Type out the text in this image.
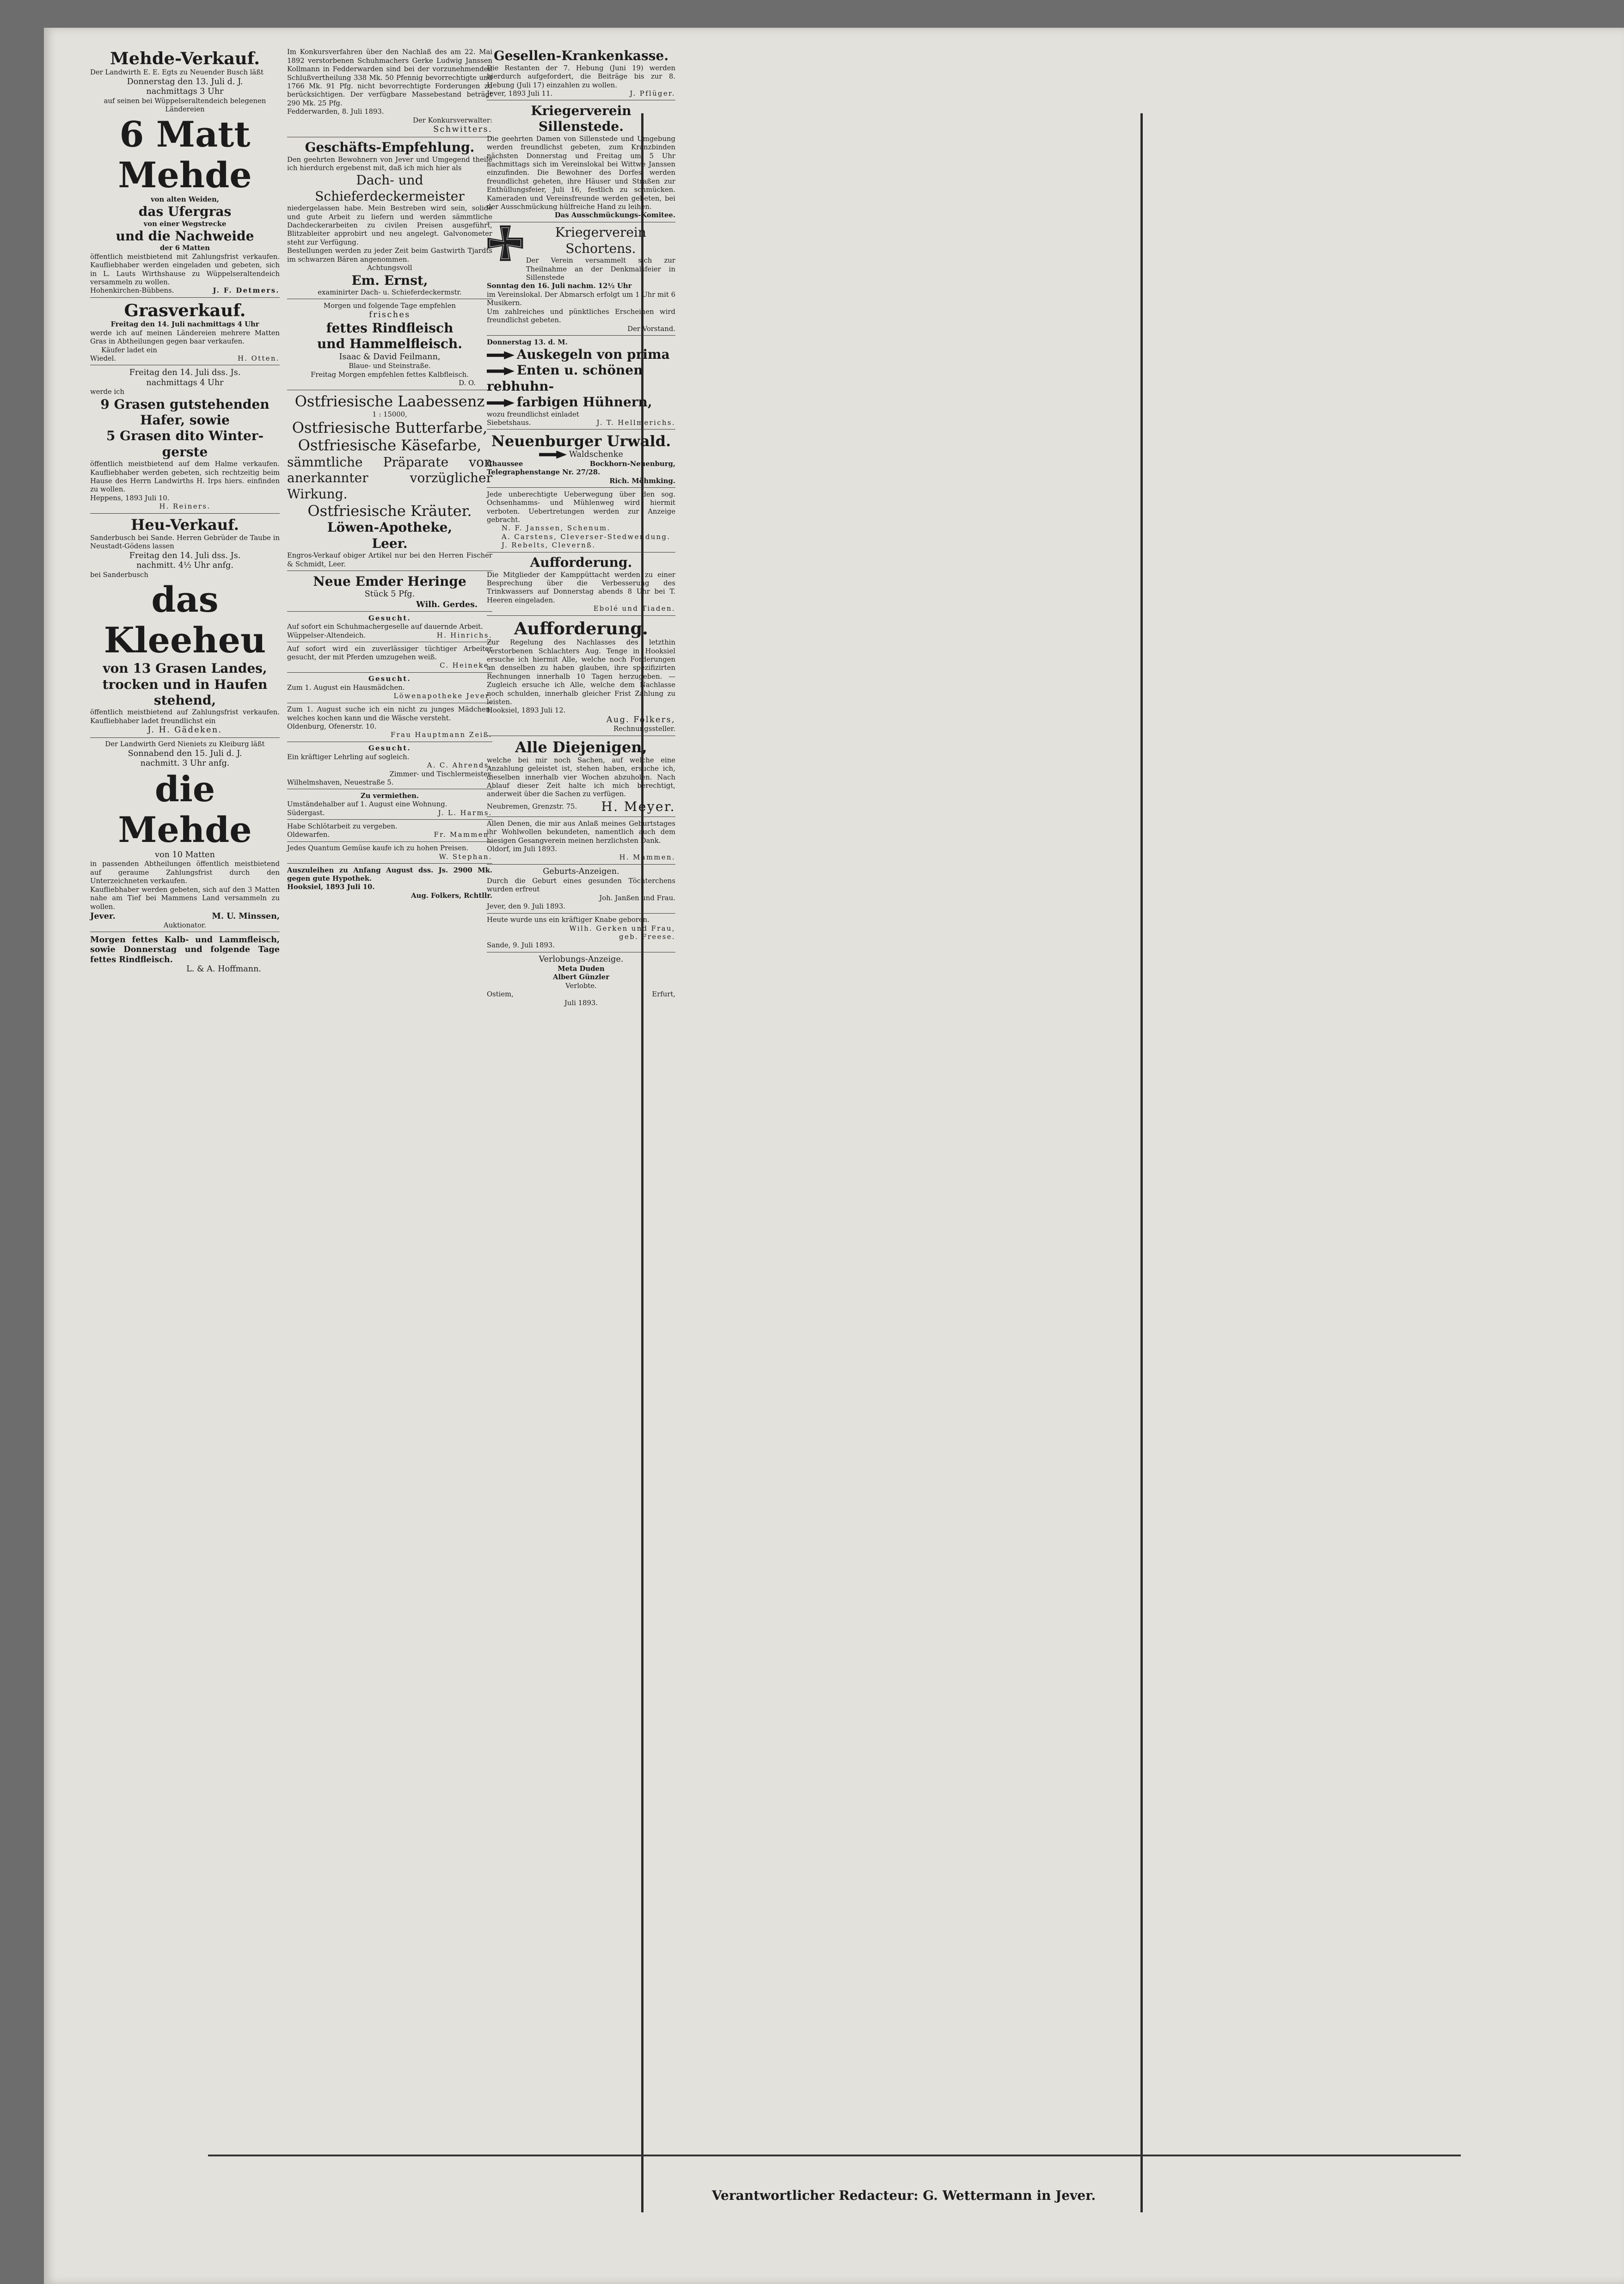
Mehde-Verkauf.

Der Landwirth E. E. Egts zu Neuender Busch läßt

Donnerstag den 13. Juli d. J.

nachmittags 3 Uhr

auf seinen bei Wüppelseraltendeich belegenen Ländereien

6 Matt Mehde

von alten Weiden,

das Ufergras

von einer Wegstrecke

und die Nachweide

der 6 Matten

öffentlich meistbietend mit Zahlungsfrist verkaufen. Kaufliebhaber werden eingeladen und gebeten, sich in L. Lauts Wirthshause zu Wüppelseraltendeich versammeln zu wollen.

Hohenkirchen-Bübbens. J. F. Detmers.

Grasverkauf.

Freitag den 14. Juli nachmittags 4 Uhr

werde ich auf meinen Ländereien mehrere Matten Gras in Abtheilungen gegen baar verkaufen.

Käufer ladet ein

Wiedel.	H. Otten.

Freitag den 14. Juli dss. Js.

nachmittags 4 Uhr

werde ich

9 Grasen gutstehenden

Hafer, sowie

5 Grasen dito Winter-

gerste

öffentlich meistbietend auf dem Halme verkaufen. Kaufliebhaber werden gebeten, sich rechtzeitig beim Hause des Herrn Landwirths H. Irps hiers. einfinden zu wollen.

Heppens, 1893 Juli 10.

H. Reiners.

Heu-Verkauf.

Sanderbusch bei Sande. Herren Gebrüder de Taube in Neustadt-Gödens lassen

Freitag den 14. Juli dss. Js.

nachmitt. 4½ Uhr anfg.

bei Sanderbusch

das Kleeheu

von 13 Grasen Landes,

trocken und in Haufen stehend,

öffentlich meistbietend auf Zahlungsfrist verkaufen. Kaufliebhaber ladet freundlichst ein

J. H. Gädeken.

Der Landwirth Gerd Nieniets zu Kleiburg läßt

Sonnabend den 15. Juli d. J.

nachmitt. 3 Uhr anfg.

die Mehde

von 10 Matten

in passenden Abtheilungen öffentlich meistbietend auf geraume Zahlungsfrist durch den Unterzeichneten verkaufen.

Kaufliebhaber werden gebeten, sich auf den 3 Matten nahe am Tief bei Mammens Land versammeln zu wollen.

Jever.	M. U. Minssen,

Auktionator.

Morgen fettes Kalb- und Lammfleisch, sowie Donnerstag und folgende Tage fettes Rindfleisch.

L. & A. Hoffmann.

Im Konkursverfahren über den Nachlaß des am 22. Mai 1892 verstorbenen Schuhmachers Gerke Ludwig Janssen Kollmann in Fedderwarden sind bei der vorzunehmenden Schlußvertheilung 338 Mk. 50 Pfennig bevorrechtigte und 1766 Mk. 91 Pfg. nicht bevorrechtigte Forderungen zu berücksichtigen. Der verfügbare Massebestand beträgt 290 Mk. 25 Pfg.

Fedderwarden, 8. Juli 1893.

Der Konkursverwalter:

Schwitters.

Geschäfts-Empfehlung.

Den geehrten Bewohnern von Jever und Umgegend theile ich hierdurch ergebenst mit, daß ich mich hier als

Dach- und Schieferdeckermeister

niedergelassen habe. Mein Bestreben wird sein, solide und gute Arbeit zu liefern und werden sämmtliche Dachdeckerarbeiten zu civilen Preisen ausgeführt, Blitzableiter approbirt und neu angelegt. Galvonometer steht zur Verfügung.

Bestellungen werden zu jeder Zeit beim Gastwirth Tjardts im schwarzen Bären angenommen.

Achtungsvoll

Em. Ernst,

examinirter Dach- u. Schieferdeckermstr.

Morgen und folgende Tage empfehlen

frisches

fettes Rindfleisch

und Hammelfleisch.

Isaac & David Feilmann,

Blaue- und Steinstraße.

Freitag Morgen empfehlen fettes Kalbfleisch.

D. O.

Ostfriesische Laabessenz

1 : 15000,

Ostfriesische Butterfarbe,

Ostfriesische Käsefarbe,

sämmtliche Präparate von anerkannter vorzüglicher Wirkung.

Ostfriesische Kräuter.

Löwen-Apotheke,

Leer.

Engros-Verkauf obiger Artikel nur bei den Herren Fischer & Schmidt, Leer.

Neue Emder Heringe

Stück 5 Pfg.

Wilh. Gerdes.

Gesucht.

Auf sofort ein Schuhmachergeselle auf dauernde Arbeit.

Wüppelser-Altendeich.	H. Hinrichs.

Auf sofort wird ein zuverlässiger tüchtiger Arbeiter gesucht, der mit Pferden umzugehen weiß.

C. Heineke.

Gesucht.

Zum 1. August ein Hausmädchen.

Löwenapotheke Jever.

Zum 1. August suche ich ein nicht zu junges Mädchen, welches kochen kann und die Wäsche versteht.

Oldenburg, Ofenerstr. 10.

Frau Hauptmann Zeiß.

Gesucht.

Ein kräftiger Lehrling auf sogleich.

A. C. Ahrends,

Zimmer- und Tischlermeister.

Wilhelmshaven, Neuestraße 5.

Zu vermiethen.

Umständehalber auf 1. August eine Wohnung.

Südergast.	J. L. Harms.

Habe Schlötarbeit zu vergeben.

Oldewarfen.	Fr. Mammen.

Jedes Quantum Gemüse kaufe ich zu hohen Preisen.

W. Stephan.

Auszuleihen zu Anfang August dss. Js. 2900 Mk. gegen gute Hypothek.

Hooksiel, 1893 Juli 10.

Aug. Folkers, Rchtllr.

Gesellen-Krankenkasse.

Die Restanten der 7. Hebung (Juni 19) werden hierdurch aufgefordert, die Beiträge bis zur 8. Hebung (Juli 17) einzahlen zu wollen.

Jever, 1893 Juli 11.	J. Pflüger.

Kriegerverein Sillenstede.

Die geehrten Damen von Sillenstede und Umgebung werden freundlichst gebeten, zum Kranzbinden nächsten Donnerstag und Freitag um 5 Uhr nachmittags sich im Vereinslokal bei Wittwe Janssen einzufinden. Die Bewohner des Dorfes werden freundlichst geheten, ihre Häuser und Straßen zur Enthüllungsfeier, Juli 16, festlich zu schmücken. Kameraden und Vereinsfreunde werden gebeten, bei der Ausschmückung hülfreiche Hand zu leihen.

Das Ausschmückungs-Komitee.

Kriegerverein Schortens.

Der Verein versammelt sich zur Theilnahme an der Denkmalsfeier in Sillenstede

Sonntag den 16. Juli nachm. 12½ Uhr

im Vereinslokal. Der Abmarsch erfolgt um 1 Uhr mit 6 Musikern.

Um zahlreiches und pünktliches Erscheinen wird freundlichst gebeten.

Der Vorstand.

Donnerstag 13. d. M.

Auskegeln von prima

Enten u. schönen rebhuhn-

farbigen Hühnern,

wozu freundlichst einladet

Siebetshaus.	J. T. Hellmerichs.

Neuenburger Urwald.

Waldschenke

Chaussee Bockhorn-Neuenburg, Telegraphenstange Nr. 27/28.

Rich. Möhmking.

Jede unberechtigte Ueberwegung über den sog. Ochsenhamms- und Mühlenweg wird hiermit verboten. Uebertretungen werden zur Anzeige gebracht.

N. F. Janssen, Schenum.

A. Carstens, Cleverser-Stedwendung.

J. Rebelts, Clevernß.

Aufforderung.

Die Mitglieder der Kamppüttacht werden zu einer Besprechung über die Verbesserung des Trinkwassers auf Donnerstag abends 8 Uhr bei T. Heeren eingeladen.

Ebolé und Tiaden.

Aufforderung.

Zur Regelung des Nachlasses des letzthin verstorbenen Schlachters Aug. Tenge in Hooksiel ersuche ich hiermit Alle, welche noch Forderungen an denselben zu haben glauben, ihre spezifizirten Rechnungen innerhalb 10 Tagen herzugeben. — Zugleich ersuche ich Alle, welche dem Nachlasse noch schulden, innerhalb gleicher Frist Zahlung zu leisten.

Hooksiel, 1893 Juli 12.

Aug. Folkers,

Rechnungssteller.

Alle Diejenigen,

welche bei mir noch Sachen, auf welche eine Anzahlung geleistet ist, stehen haben, ersuche ich, dieselben innerhalb vier Wochen abzuholen. Nach Ablauf dieser Zeit halte ich mich berechtigt, anderweit über die Sachen zu verfügen.

Neubremen, Grenzstr. 75. H. Meyer.

Allen Denen, die mir aus Anlaß meines Geburtstages ihr Wohlwollen bekundeten, namentlich auch dem hiesigen Gesangverein meinen herzlichsten Dank.

Oldorf, im Juli 1893.

H. Mammen.

Geburts-Anzeigen.

Durch die Geburt eines gesunden Töchterchens wurden erfreut

Joh. Janßen und Frau.

Jever, den 9. Juli 1893.

Heute wurde uns ein kräftiger Knabe geboren.

Wilh. Gerken und Frau,

geb. Freese.

Sande, 9. Juli 1893.

Verlobungs-Anzeige.

Meta Duden

Albert Günzler

Verlobte.

Ostiem,	Erfurt,

Juli 1893.

Verantwortlicher Redacteur: G. Wettermann in Jever.
